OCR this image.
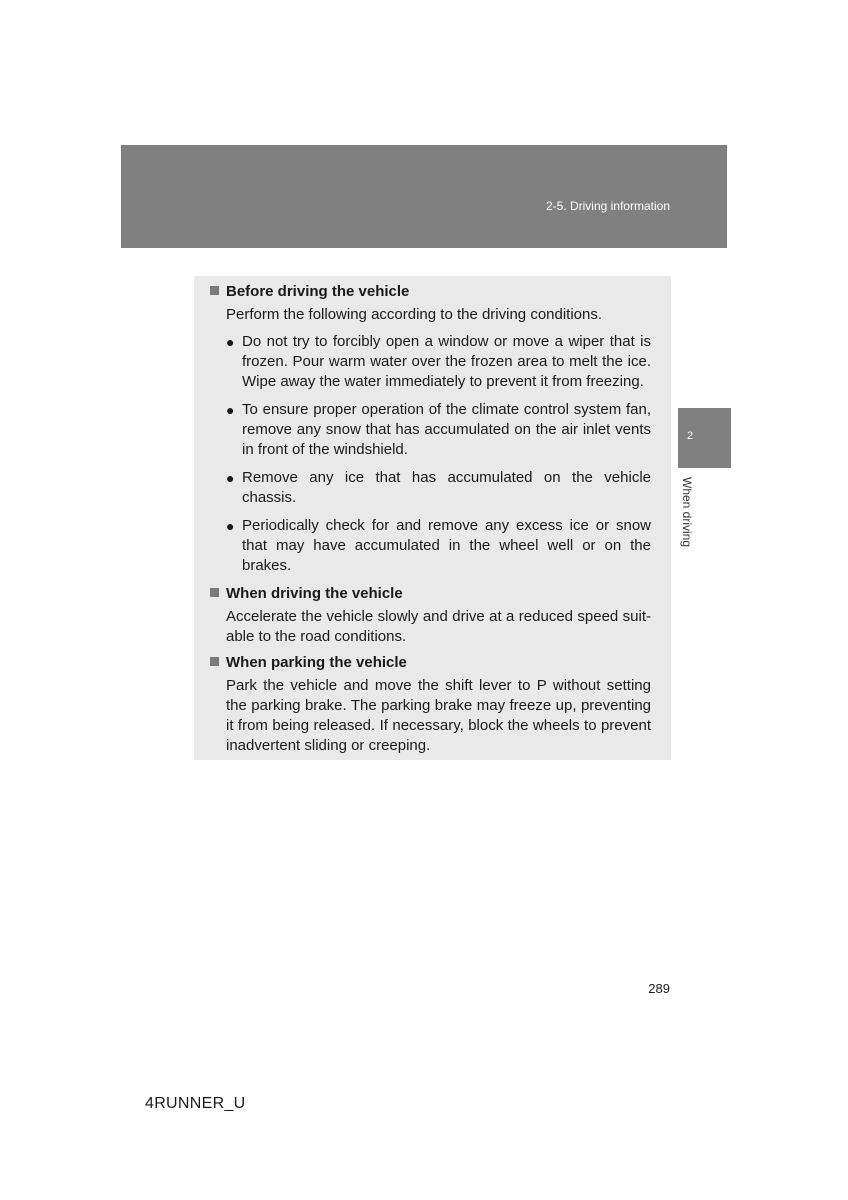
2-5. Driving information
2
When driving
Before driving the vehicle
Perform the following according to the driving conditions.
● Do not try to forcibly open a window or move a wiper that is frozen. Pour warm water over the frozen area to melt the ice. Wipe away the water immediately to prevent it from freezing.
● To ensure proper operation of the climate control system fan, remove any snow that has accumulated on the air inlet vents in front of the windshield.
● Remove any ice that has accumulated on the vehicle chassis.
● Periodically check for and remove any excess ice or snow that may have accumulated in the wheel well or on the brakes.
When driving the vehicle
Accelerate the vehicle slowly and drive at a reduced speed suit-able to the road conditions.
When parking the vehicle
Park the vehicle and move the shift lever to P without setting the parking brake. The parking brake may freeze up, preventing it from being released. If necessary, block the wheels to prevent inadvertent sliding or creeping.
289
4RUNNER_U
